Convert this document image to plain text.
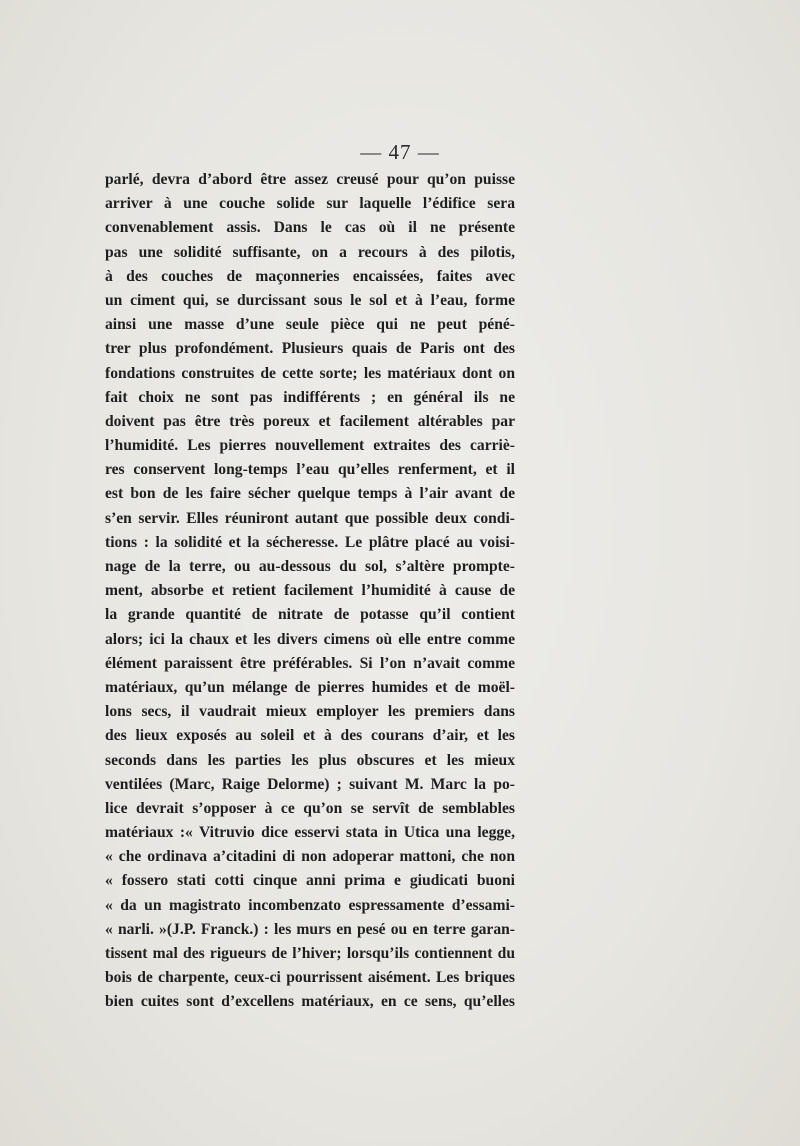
— 47 —
parlé, devra d’abord être assez creusé pour qu’on puisse
arriver à une couche solide sur laquelle l’édifice sera
convenablement assis. Dans le cas où il ne présente
pas une solidité suffisante, on a recours à des pilotis,
à des couches de maçonneries encaissées, faites avec
un ciment qui, se durcissant sous le sol et à l’eau, forme
ainsi une masse d’une seule pièce qui ne peut péné-
trer plus profondément. Plusieurs quais de Paris ont des
fondations construites de cette sorte; les matériaux dont on
fait choix ne sont pas indifférents ; en général ils ne
doivent pas être très poreux et facilement altérables par
l’humidité. Les pierres nouvellement extraites des carriè-
res conservent long-temps l’eau qu’elles renferment, et il
est bon de les faire sécher quelque temps à l’air avant de
s’en servir. Elles réuniront autant que possible deux condi-
tions : la solidité et la sécheresse. Le plâtre placé au voisi-
nage de la terre, ou au-dessous du sol, s’altère prompte-
ment, absorbe et retient facilement l’humidité à cause de
la grande quantité de nitrate de potasse qu’il contient
alors; ici la chaux et les divers cimens où elle entre comme
élément paraissent être préférables. Si l’on n’avait comme
matériaux, qu’un mélange de pierres humides et de moël-
lons secs, il vaudrait mieux employer les premiers dans
des lieux exposés au soleil et à des courans d’air, et les
seconds dans les parties les plus obscures et les mieux
ventilées (Marc, Raige Delorme) ; suivant M. Marc la po-
lice devrait s’opposer à ce qu’on se servît de semblables
matériaux :« Vitruvio dice esservi stata in Utica una legge,
« che ordinava a’citadini di non adoperar mattoni, che non
« fossero stati cotti cinque anni prima e giudicati buoni
« da un magistrato incombenzato espressamente d’essami-
« narli. »(J.P. Franck.) : les murs en pesé ou en terre garan-
tissent mal des rigueurs de l’hiver; lorsqu’ils contiennent du
bois de charpente, ceux-ci pourrissent aisément. Les briques
bien cuites sont d’excellens matériaux, en ce sens, qu’elles
